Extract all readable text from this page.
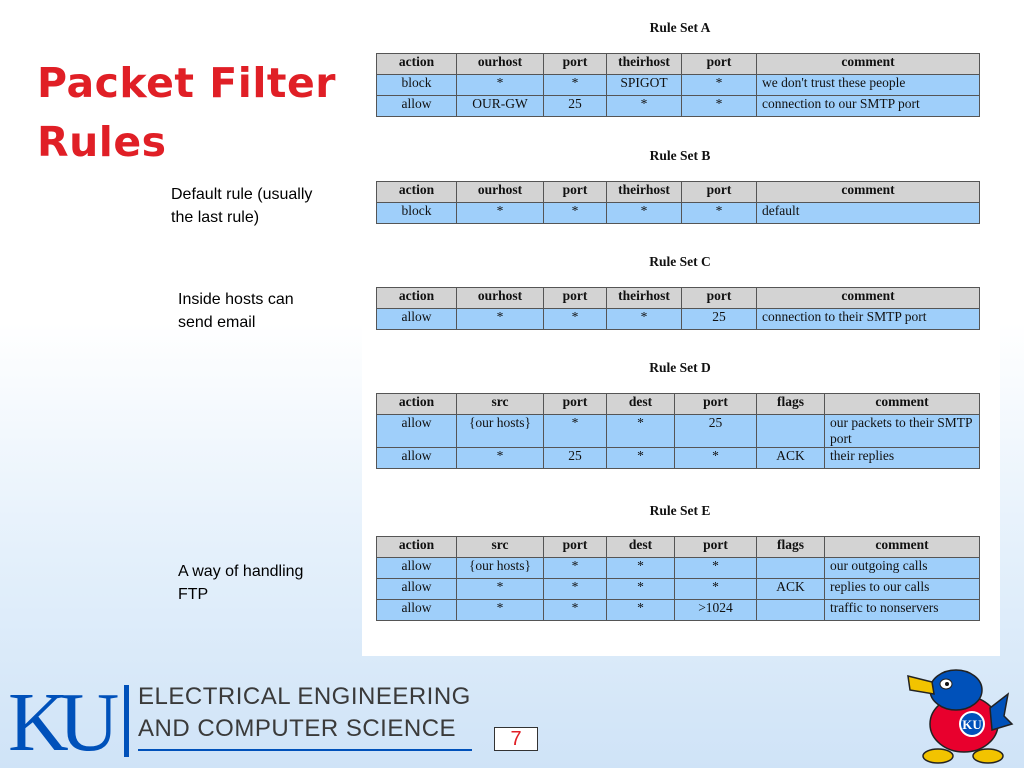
Packet Filter
Rules
Default rule (usually
the last rule)
Inside hosts can
send email
A way of handling
FTP
Rule Set A
action	ourhost	port	theirhost	port	comment
block	*	*	SPIGOT	*	we don't trust these people
allow	OUR-GW	25	*	*	connection to our SMTP port
Rule Set B
action	ourhost	port	theirhost	port	comment
block	*	*	*	*	default
Rule Set C
action	ourhost	port	theirhost	port	comment
allow	*	*	*	25	connection to their SMTP port
Rule Set D
action	src	port	dest	port	flags	comment
allow	{our hosts}	*	*	25		our packets to their SMTP port
allow	*	25	*	*	ACK	their replies
Rule Set E
action	src	port	dest	port	flags	comment
allow	{our hosts}	*	*	*		our outgoing calls
allow	*	*	*	*	ACK	replies to our calls
allow	*	*	*	>1024		traffic to nonservers
KU ELECTRICAL ENGINEERING
AND COMPUTER SCIENCE	7
KU
